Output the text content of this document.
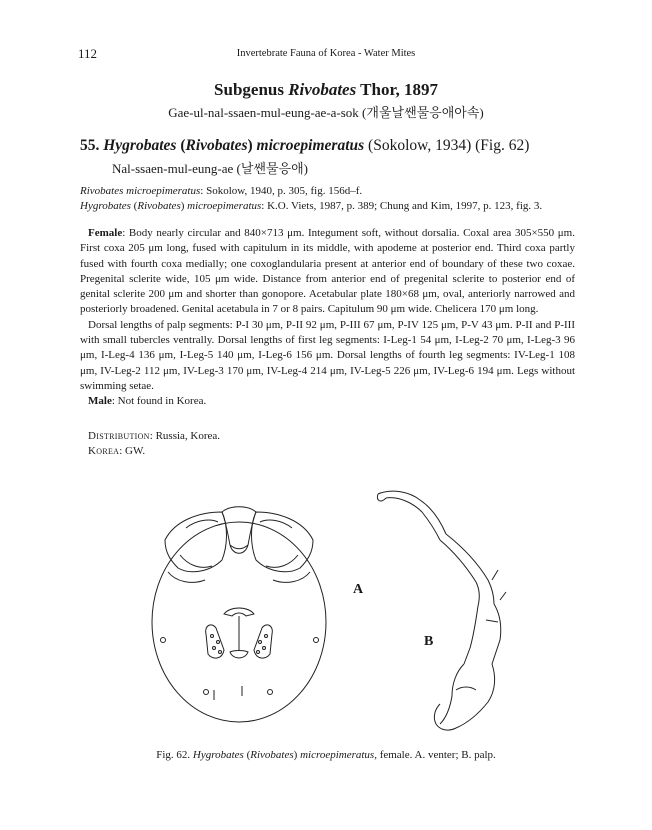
112	Invertebrate Fauna of Korea - Water Mites
Subgenus Rivobates Thor, 1897
Gae-ul-nal-ssaen-mul-eung-ae-a-sok (개울날쌘물응애아속)
55. Hygrobates (Rivobates) microepimeratus (Sokolow, 1934) (Fig. 62)
Nal-ssaen-mul-eung-ae (날쌘물응애)
Rivobates microepimeratus: Sokolow, 1940, p. 305, fig. 156d–f.
Hygrobates (Rivobates) microepimeratus: K.O. Viets, 1987, p. 389; Chung and Kim, 1997, p. 123, fig. 3.

Female: Body nearly circular and 840×713 μm. Integument soft, without dorsalia. Coxal area 305×550 μm. First coxa 205 μm long, fused with capitulum in its middle, with apodeme at posterior end. Third coxa partly fused with fourth coxa medially; one coxoglandularia present at anterior end of boundary of these two coxae. Pregenital sclerite wide, 105 μm wide. Distance from anterior end of pregenital sclerite to posterior end of genital sclerite 200 μm and shorter than gonopore. Acetabular plate 180×68 μm, oval, anteriorly narrowed and posteriorly broadened. Genital acetabula in 7 or 8 pairs. Capitulum 90 μm wide. Chelicera 170 μm long.

Dorsal lengths of palp segments: P-I 30 μm, P-II 92 μm, P-III 67 μm, P-IV 125 μm, P-V 43 μm. P-II and P-III with small tubercles ventrally. Dorsal lengths of first leg segments: I-Leg-1 54 μm, I-Leg-2 70 μm, I-Leg-3 96 μm, I-Leg-4 136 μm, I-Leg-5 140 μm, I-Leg-6 156 μm. Dorsal lengths of fourth leg segments: IV-Leg-1 108 μm, IV-Leg-2 112 μm, IV-Leg-3 170 μm, IV-Leg-4 214 μm, IV-Leg-5 226 μm, IV-Leg-6 194 μm. Legs without swimming setae.

Male: Not found in Korea.

Distribution: Russia, Korea.
Korea: GW.
A
B
Fig. 62. Hygrobates (Rivobates) microepimeratus, female. A. venter; B. palp.
